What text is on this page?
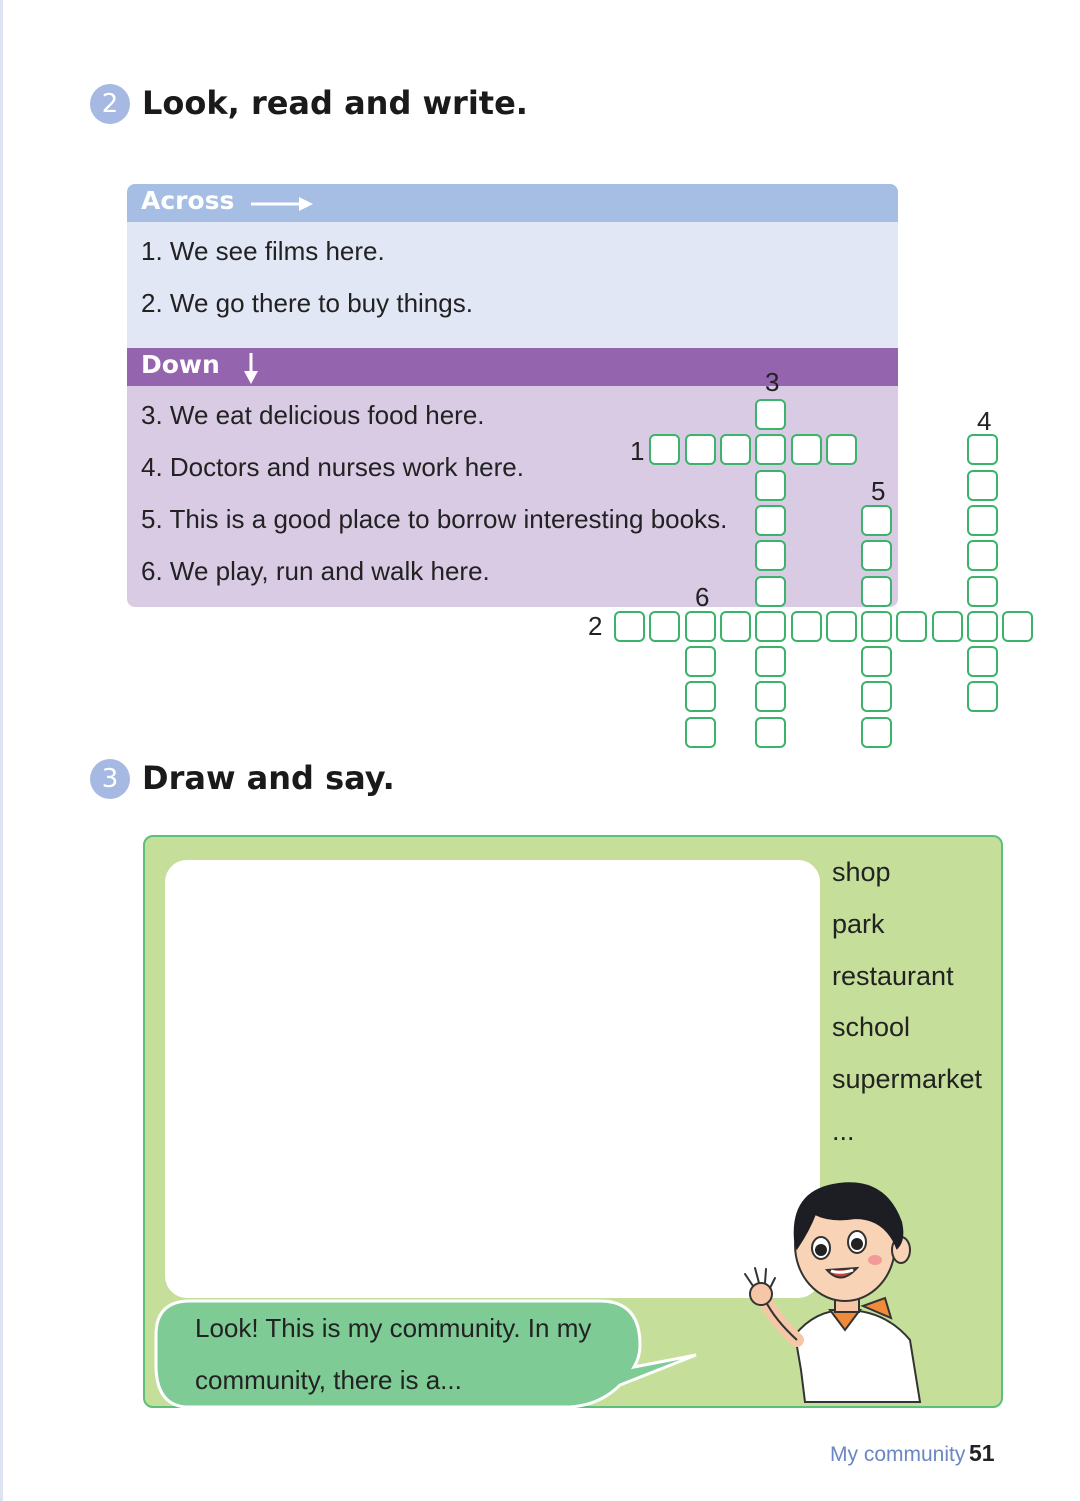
2 Look, read and write.
Across
1. We see films here.
2. We go there to buy things.
Down
3. We eat delicious food here.
4. Doctors and nurses work here.
5. This is a good place to borrow interesting books.
6. We play, run and walk here.
1
2
3
4
5
6
3 Draw and say.
shop
park
restaurant
school
supermarket
...
Look! This is my community. In my
community, there is a...
My community 51
